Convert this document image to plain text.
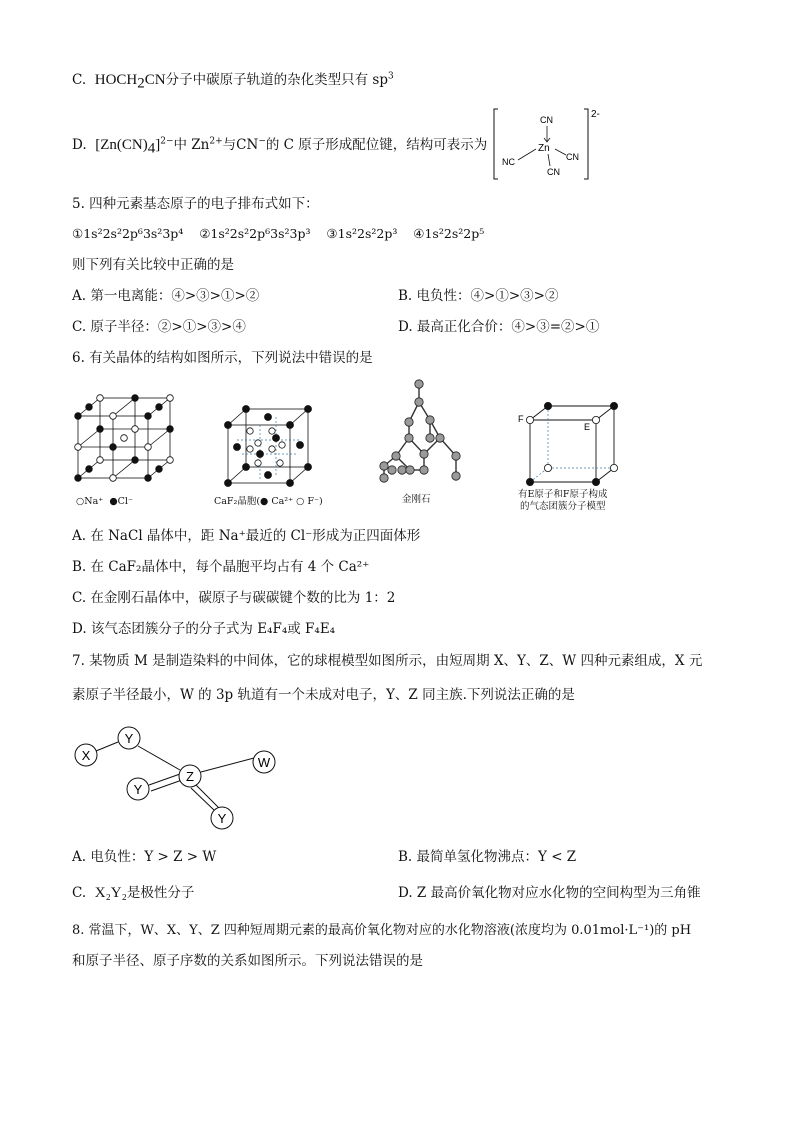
C. $HOCH_2CN$分子中碳原子轨道的杂化类型只有 $sp^3$
D. $[Zn(CN)_4]^{2-}$中 $Zn^{2+}$与CN−的 C 原子形成配位键，结构可表示为
2-
Zn
CN
CN
CN
NC
5. 四种元素基态原子的电子排布式如下：
①1s²2s²2p⁶3s²3p⁴ ②1s²2s²2p⁶3s²3p³ ③1s²2s²2p³ ④1s²2s²2p⁵
则下列有关比较中正确的是
A. 第一电离能：④>③>①>②	B. 电负性：④>①>③>②
C. 原子半径：②>①>③>④	D. 最高正化合价：④>③=②>①
6. 有关晶体的结构如图所示，下列说法中错误的是
○Na⁺  ●Cl⁻	CaF₂晶胞(● Ca²⁺ ○ F⁻)	金刚石
F
E
有E原子和F原子构成
的气态团簇分子模型
A. 在 NaCl 晶体中，距 Na⁺最近的 Cl⁻形成为正四面体形
B. 在 CaF₂晶体中，每个晶胞平均占有 4 个 Ca²⁺
C. 在金刚石晶体中，碳原子与碳碳键个数的比为 1：2
D. 该气态团簇分子的分子式为 E₄F₄或 F₄E₄
7. 某物质 M 是制造染料的中间体，它的球棍模型如图所示，由短周期 X、Y、Z、W 四种元素组成，X 元
素原子半径最小，W 的 3p 轨道有一个未成对电子，Y、Z 同主族.下列说法正确的是
X
Y
Z
W
Y
Y
A. 电负性：Y > Z > W	B. 最简单氢化物沸点：Y < Z
C. X₂Y₂是极性分子	D. Z 最高价氧化物对应水化物的空间构型为三角锥
8. 常温下，W、X、Y、Z 四种短周期元素的最高价氧化物对应的水化物溶液(浓度均为 0.01mol·L⁻¹)的 pH
和原子半径、原子序数的关系如图所示。下列说法错误的是
